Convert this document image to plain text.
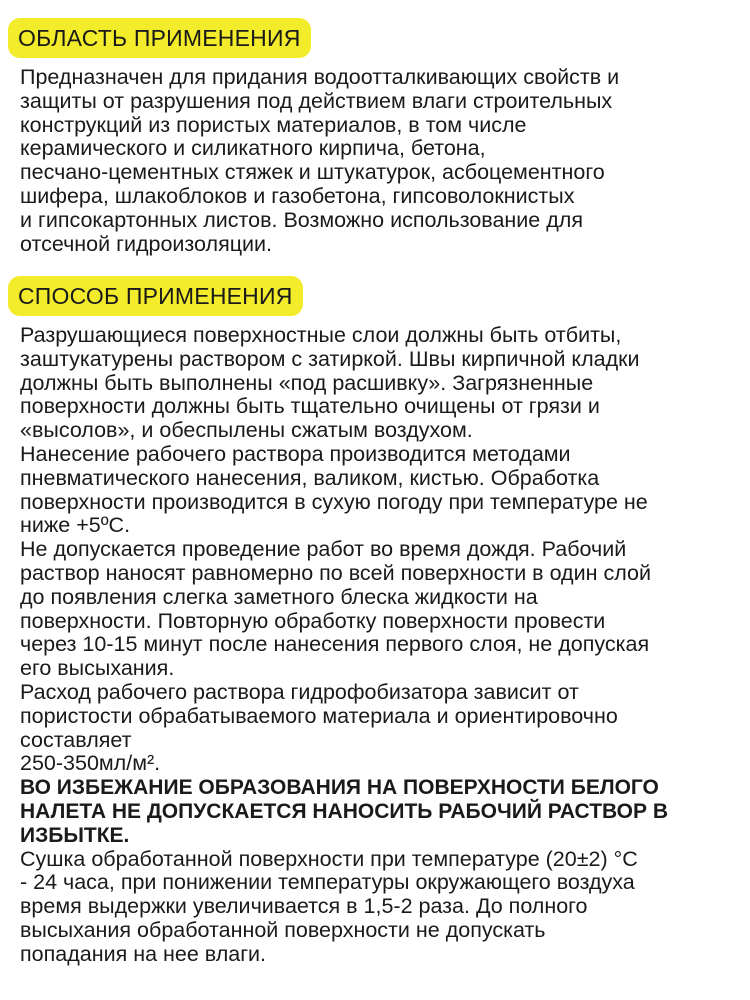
ОБЛАСТЬ ПРИМЕНЕНИЯ
Предназначен для придания водоотталкивающих свойств и
защиты от разрушения под действием влаги строительных
конструкций из пористых материалов, в том числе
керамического и силикатного кирпича, бетона,
песчано-цементных стяжек и штукатурок, асбоцементного
шифера, шлакоблоков и газобетона, гипсоволокнистых
и гипсокартонных листов. Возможно использование для
отсечной гидроизоляции.
СПОСОБ ПРИМЕНЕНИЯ
Разрушающиеся поверхностные слои должны быть отбиты,
заштукатурены раствором с затиркой. Швы кирпичной кладки
должны быть выполнены «под расшивку». Загрязненные
поверхности должны быть тщательно очищены от грязи и
«высолов», и обеспылены сжатым воздухом.
Нанесение рабочего раствора производится методами
пневматического нанесения, валиком, кистью. Обработка
поверхности производится в сухую погоду при температуре не
ниже +5ºС.
Не допускается проведение работ во время дождя. Рабочий
раствор наносят равномерно по всей поверхности в один слой
до появления слегка заметного блеска жидкости на
поверхности. Повторную обработку поверхности провести
через 10-15 минут после нанесения первого слоя, не допуская
его высыхания.
Расход рабочего раствора гидрофобизатора зависит от
пористости обрабатываемого материала и ориентировочно
составляет
250-350мл/м².
ВО ИЗБЕЖАНИЕ ОБРАЗОВАНИЯ НА ПОВЕРХНОСТИ БЕЛОГО
НАЛЕТА НЕ ДОПУСКАЕТСЯ НАНОСИТЬ РАБОЧИЙ РАСТВОР В
ИЗБЫТКЕ.
Сушка обработанной поверхности при температуре (20±2) °С
- 24 часа, при понижении температуры окружающего воздуха
время выдержки увеличивается в 1,5-2 раза. До полного
высыхания обработанной поверхности не допускать
попадания на нее влаги.
